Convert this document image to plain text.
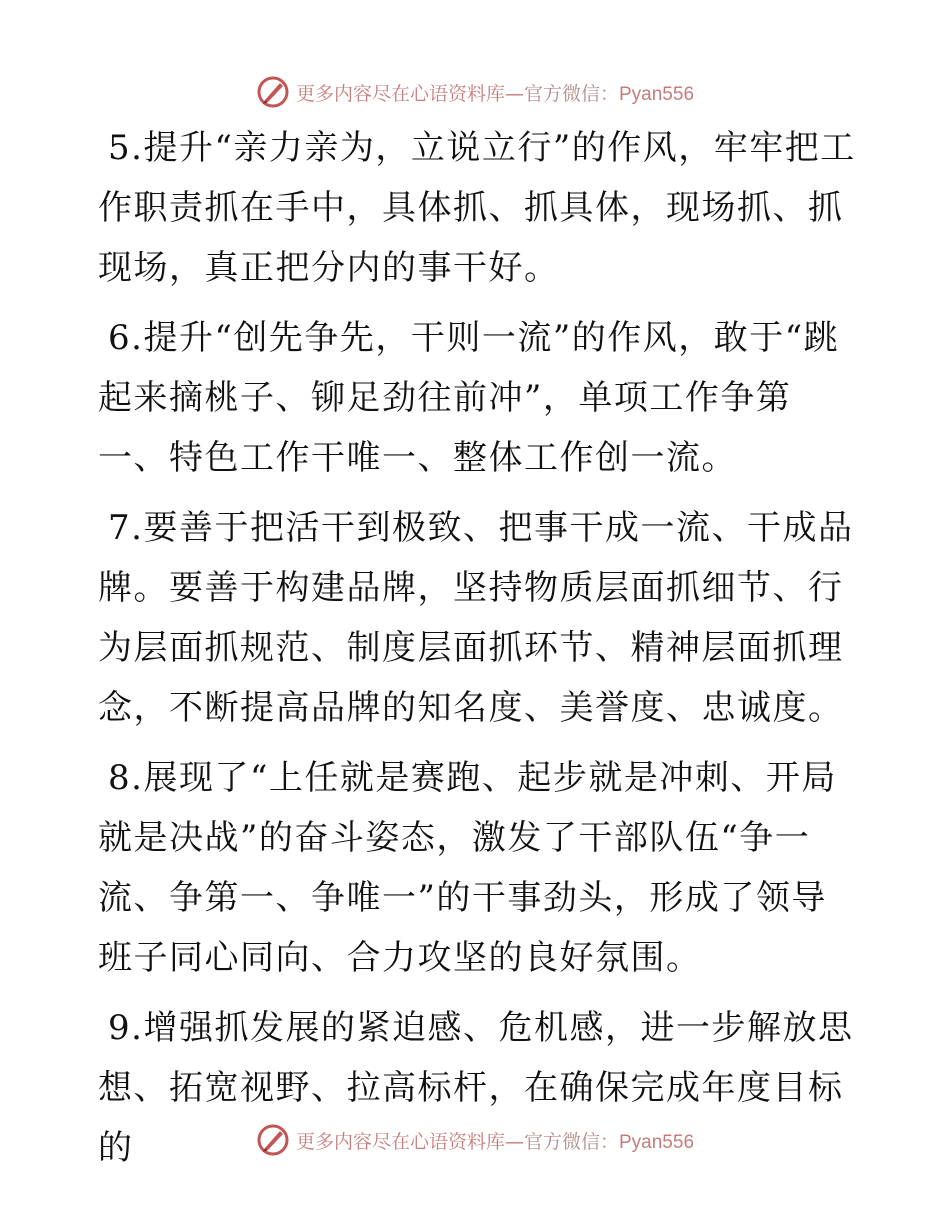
更多内容尽在心语资料库—官方微信：Pyan556

5.提升“亲力亲为，立说立行”的作风，牢牢把工作职责抓在手中，具体抓、抓具体，现场抓、抓现场，真正把分内的事干好。

6.提升“创先争先，干则一流”的作风，敢于“跳起来摘桃子、铆足劲往前冲”，单项工作争第一、特色工作干唯一、整体工作创一流。

7.要善于把活干到极致、把事干成一流、干成品牌。要善于构建品牌，坚持物质层面抓细节、行为层面抓规范、制度层面抓环节、精神层面抓理念，不断提高品牌的知名度、美誉度、忠诚度。

8.展现了“上任就是赛跑、起步就是冲刺、开局就是决战”的奋斗姿态，激发了干部队伍“争一流、争第一、争唯一”的干事劲头，形成了领导班子同心同向、合力攻坚的良好氛围。

9.增强抓发展的紧迫感、危机感，进一步解放思想、拓宽视野、拉高标杆，在确保完成年度目标的	更多内容尽在心语资料库—官方微信：Pyan556
